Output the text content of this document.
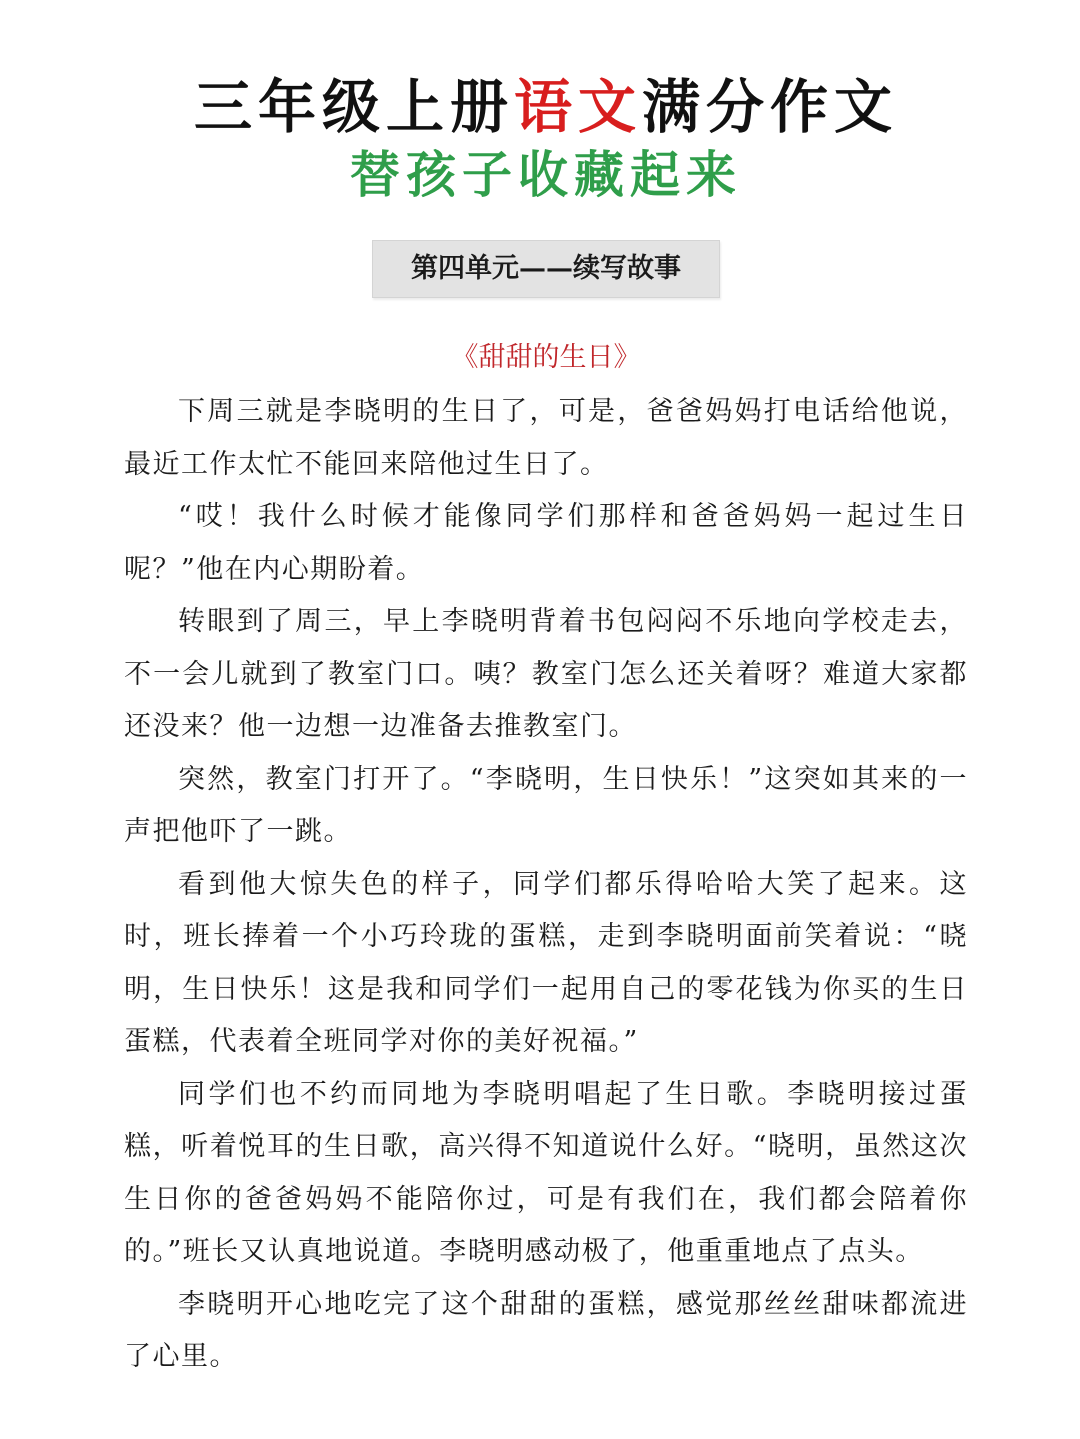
三年级上册语文满分作文
替孩子收藏起来
第四单元——续写故事
《甜甜的生日》

下周三就是李晓明的生日了，可是，爸爸妈妈打电话给他说，最近工作太忙不能回来陪他过生日了。

“哎！我什么时候才能像同学们那样和爸爸妈妈一起过生日呢？”他在内心期盼着。

转眼到了周三，早上李晓明背着书包闷闷不乐地向学校走去，不一会儿就到了教室门口。咦？教室门怎么还关着呀？难道大家都还没来？他一边想一边准备去推教室门。

突然，教室门打开了。“李晓明，生日快乐！”这突如其来的一声把他吓了一跳。

看到他大惊失色的样子，同学们都乐得哈哈大笑了起来。这时，班长捧着一个小巧玲珑的蛋糕，走到李晓明面前笑着说：“晓明，生日快乐！这是我和同学们一起用自己的零花钱为你买的生日蛋糕，代表着全班同学对你的美好祝福。”

同学们也不约而同地为李晓明唱起了生日歌。李晓明接过蛋糕，听着悦耳的生日歌，高兴得不知道说什么好。“晓明，虽然这次生日你的爸爸妈妈不能陪你过，可是有我们在，我们都会陪着你的。”班长又认真地说道。李晓明感动极了，他重重地点了点头。

李晓明开心地吃完了这个甜甜的蛋糕，感觉那丝丝甜味都流进了心里。
